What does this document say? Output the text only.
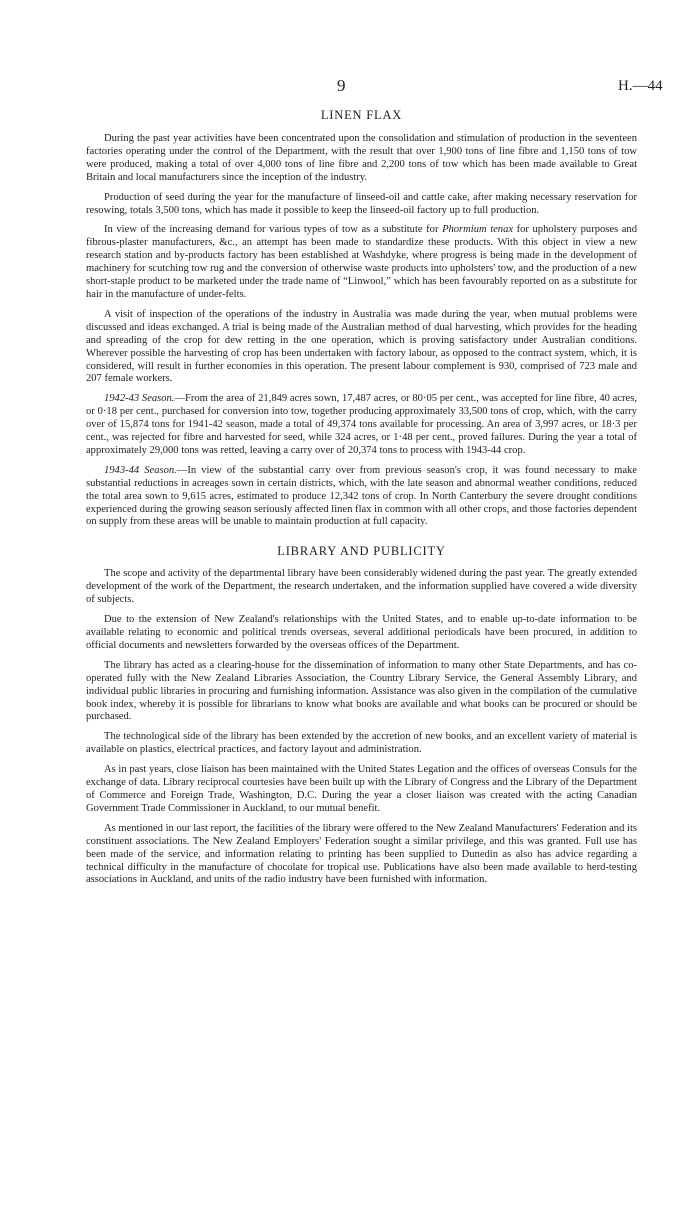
9	H.—44
LINEN FLAX

During the past year activities have been concentrated upon the consolidation and stimulation of production in the seventeen factories operating under the control of the Department, with the result that over 1,900 tons of line fibre and 1,150 tons of tow were produced, making a total of over 4,000 tons of line fibre and 2,200 tons of tow which has been made available to Great Britain and local manufacturers since the inception of the industry.

Production of seed during the year for the manufacture of linseed-oil and cattle cake, after making necessary reservation for resowing, totals 3,500 tons, which has made it possible to keep the linseed-oil factory up to full production.

In view of the increasing demand for various types of tow as a substitute for Phormium tenax for upholstery purposes and fibrous-plaster manufacturers, &c., an attempt has been made to standardize these products. With this object in view a new research station and by-products factory has been established at Washdyke, where progress is being made in the development of machinery for scutching tow rug and the conversion of otherwise waste products into upholsters' tow, and the production of a new short-staple product to be marketed under the trade name of “Linwool,” which has been favourably reported on as a substitute for hair in the manufacture of under-felts.

A visit of inspection of the operations of the industry in Australia was made during the year, when mutual problems were discussed and ideas exchanged. A trial is being made of the Australian method of dual harvesting, which provides for the heading and spreading of the crop for dew retting in the one operation, which is proving satisfactory under Australian conditions. Wherever possible the harvesting of crop has been undertaken with factory labour, as opposed to the contract system, which, it is considered, will result in further economies in this operation. The present labour complement is 930, comprised of 723 male and 207 female workers.

1942-43 Season.—From the area of 21,849 acres sown, 17,487 acres, or 80·05 per cent., was accepted for line fibre, 40 acres, or 0·18 per cent., purchased for conversion into tow, together producing approximately 33,500 tons of crop, which, with the carry over of 15,874 tons for 1941-42 season, made a total of 49,374 tons available for processing. An area of 3,997 acres, or 18·3 per cent., was rejected for fibre and harvested for seed, while 324 acres, or 1·48 per cent., proved failures. During the year a total of approximately 29,000 tons was retted, leaving a carry over of 20,374 tons to process with 1943-44 crop.

1943-44 Season.—In view of the substantial carry over from previous season's crop, it was found necessary to make substantial reductions in acreages sown in certain districts, which, with the late season and abnormal weather conditions, reduced the total area sown to 9,615 acres, estimated to produce 12,342 tons of crop. In North Canterbury the severe drought conditions experienced during the growing season seriously affected linen flax in common with all other crops, and those factories dependent on supply from these areas will be unable to maintain production at full capacity.

LIBRARY AND PUBLICITY

The scope and activity of the departmental library have been considerably widened during the past year. The greatly extended development of the work of the Department, the research undertaken, and the information supplied have covered a wide diversity of subjects.

Due to the extension of New Zealand's relationships with the United States, and to enable up-to-date information to be available relating to economic and political trends overseas, several additional periodicals have been procured, in addition to official documents and newsletters forwarded by the overseas offices of the Department.

The library has acted as a clearing-house for the dissemination of information to many other State Departments, and has co-operated fully with the New Zealand Libraries Association, the Country Library Service, the General Assembly Library, and individual public libraries in procuring and furnishing information. Assistance was also given in the compilation of the cumulative book index, whereby it is possible for librarians to know what books are available and what books can be procured or should be purchased.

The technological side of the library has been extended by the accretion of new books, and an excellent variety of material is available on plastics, electrical practices, and factory layout and administration.

As in past years, close liaison has been maintained with the United States Legation and the offices of overseas Consuls for the exchange of data. Library reciprocal courtesies have been built up with the Library of Congress and the Library of the Department of Commerce and Foreign Trade, Washington, D.C. During the year a closer liaison was created with the acting Canadian Government Trade Commissioner in Auckland, to our mutual benefit.

As mentioned in our last report, the facilities of the library were offered to the New Zealand Manufacturers' Federation and its constituent associations. The New Zealand Employers' Federation sought a similar privilege, and this was granted. Full use has been made of the service, and information relating to printing has been supplied to Dunedin as also has advice regarding a technical difficulty in the manufacture of chocolate for tropical use. Publications have also been made available to herd-testing associations in Auckland, and units of the radio industry have been furnished with information.
